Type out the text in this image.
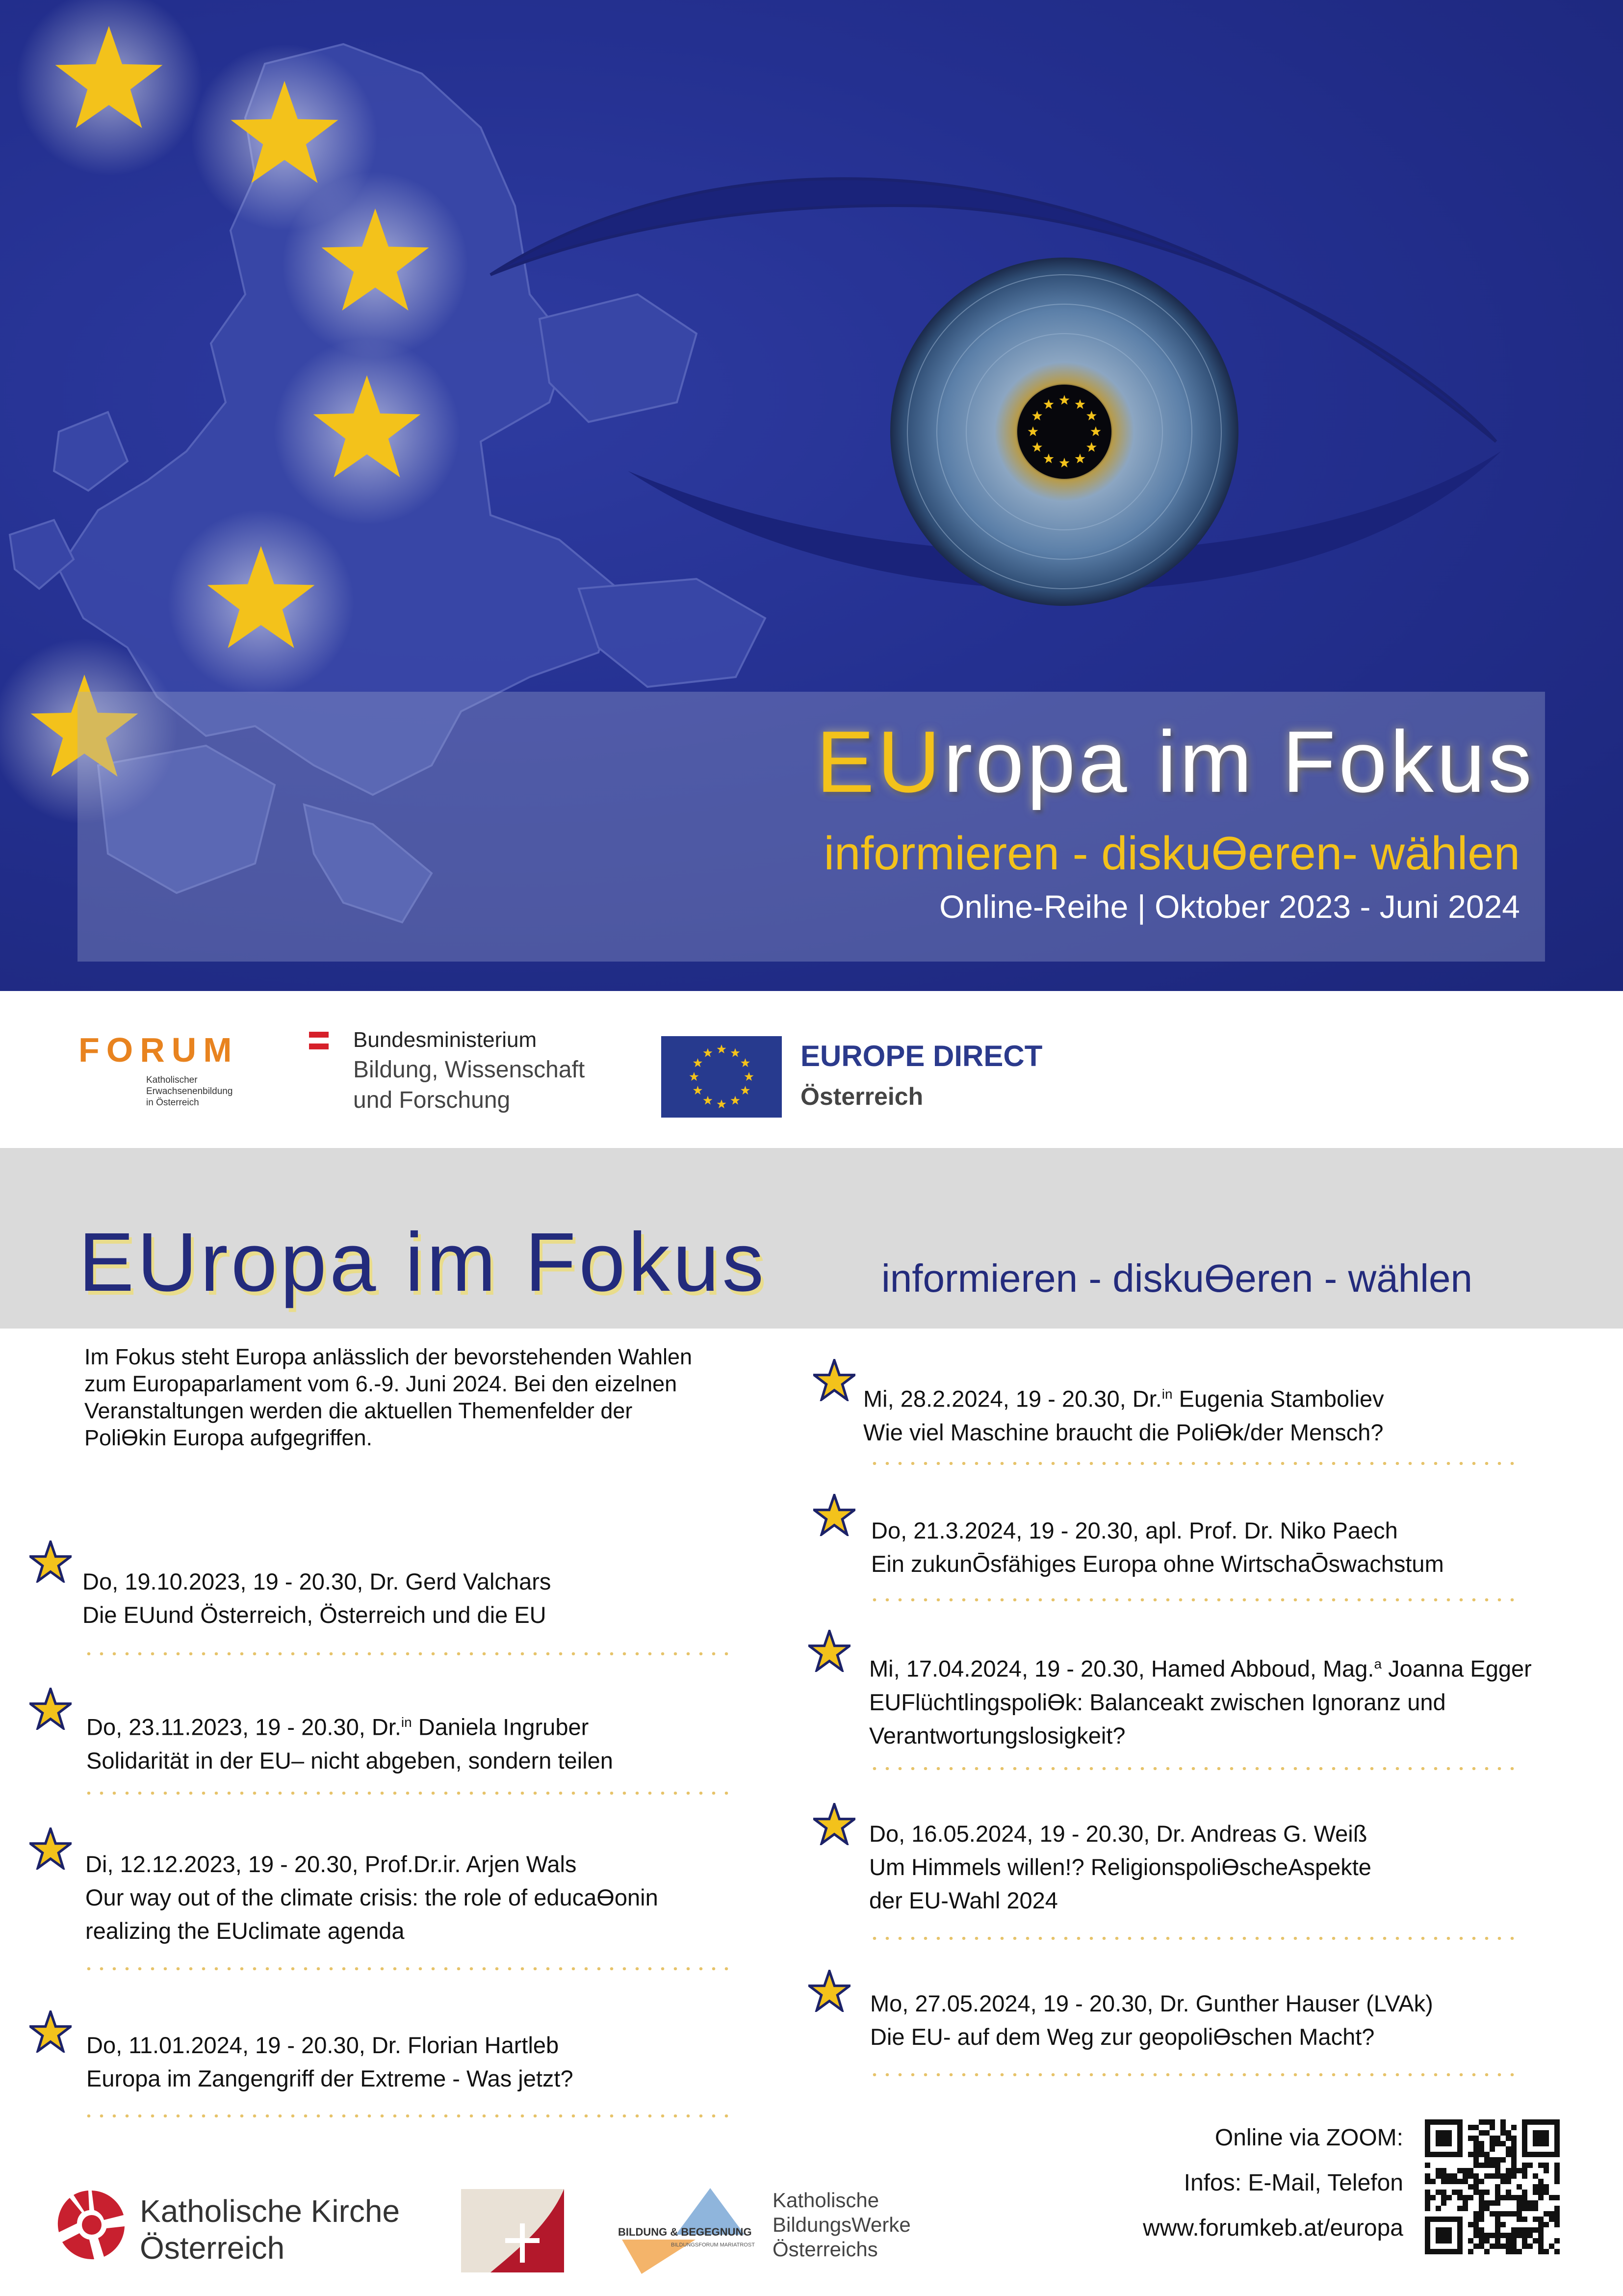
EUropa im Fokus
informieren - diskuϴeren- wählen
Online-Reihe | Oktober 2023 - Juni 2024
FORUM
Katholischer
Erwachsenenbildung
in Österreich
Bundesministerium
Bildung, Wissenschaft
und Forschung
EUROPE DIRECT
Österreich
EUropa im Fokus	informieren - diskuϴeren - wählen
Im Fokus steht Europa anlässlich der bevorstehenden Wahlen
zum Europaparlament vom 6.-9. Juni 2024. Bei den eizelnen
Veranstaltungen werden die aktuellen Themenfelder der
Poliϴkin Europa aufgegriffen.
Do, 19.10.2023, 19 - 20.30, Dr. Gerd Valchars
Die EUund Österreich, Österreich und die EU
Do, 23.11.2023, 19 - 20.30, Dr.$^{in}$ Daniela Ingruber
Solidarität in der EU– nicht abgeben, sondern teilen
Di, 12.12.2023, 19 - 20.30, Prof.Dr.ir. Arjen Wals
Our way out of the climate crisis: the role of educaϴonin
realizing the EUclimate agenda
Do, 11.01.2024, 19 - 20.30, Dr. Florian Hartleb
Europa im Zangengriff der Extreme - Was jetzt?
Mi, 28.2.2024, 19 - 20.30, Dr.$^{in}$ Eugenia Stamboliev
Wie viel Maschine braucht die Poliϴk/der Mensch?
Do, 21.3.2024, 19 - 20.30, apl. Prof. Dr. Niko Paech
Ein zukunŌsfähiges Europa ohne WirtschaŌswachstum
Mi, 17.04.2024, 19 - 20.30, Hamed Abboud, Mag.$^a$ Joanna Egger
EUFlüchtlingspoliϴk: Balanceakt zwischen Ignoranz und
Verantwortungslosigkeit?
Do, 16.05.2024, 19 - 20.30, Dr. Andreas G. Weiß
Um Himmels willen!? ReligionspoliϴscheAspekte
der EU-Wahl 2024
Mo, 27.05.2024, 19 - 20.30, Dr. Gunther Hauser (LVAk)
Die EU- auf dem Weg zur geopoliϴschen Macht?
Katholische Kirche
Österreich	BILDUNG & BEGEGNUNG
BILDUNGSFORUM MARIATROST
Katholische
BildungsWerke
Österreichs
Online via ZOOM:
Infos: E-Mail, Telefon
www.forumkeb.at/europa
